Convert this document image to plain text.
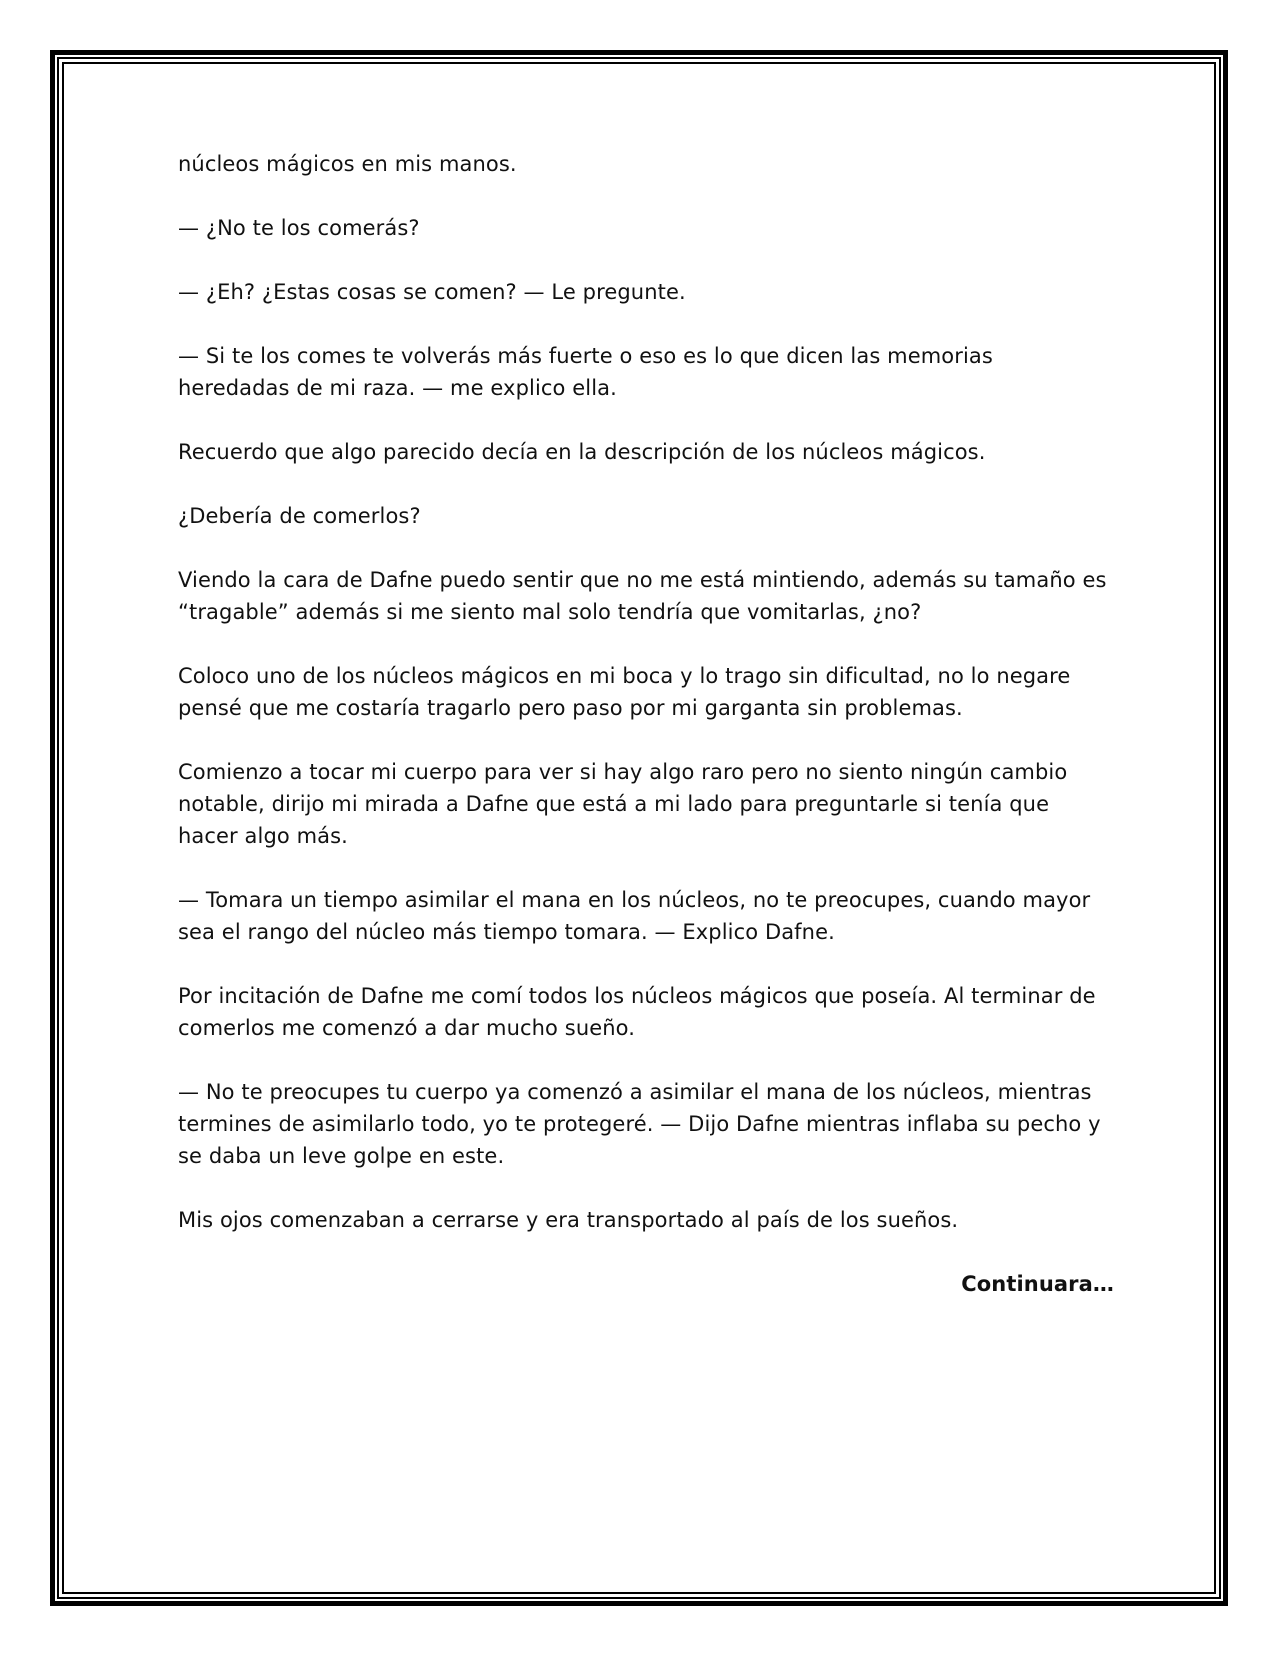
núcleos mágicos en mis manos.

— ¿No te los comerás?

— ¿Eh? ¿Estas cosas se comen? — Le pregunte.

— Si te los comes te volverás más fuerte o eso es lo que dicen las memorias heredadas de mi raza. — me explico ella.

Recuerdo que algo parecido decía en la descripción de los núcleos mágicos.

¿Debería de comerlos?

Viendo la cara de Dafne puedo sentir que no me está mintiendo, además su tamaño es “tragable” además si me siento mal solo tendría que vomitarlas, ¿no?

Coloco uno de los núcleos mágicos en mi boca y lo trago sin dificultad, no lo negare pensé que me costaría tragarlo pero paso por mi garganta sin problemas.

Comienzo a tocar mi cuerpo para ver si hay algo raro pero no siento ningún cambio notable, dirijo mi mirada a Dafne que está a mi lado para preguntarle si tenía que hacer algo más.

— Tomara un tiempo asimilar el mana en los núcleos, no te preocupes, cuando mayor sea el rango del núcleo más tiempo tomara. — Explico Dafne.

Por incitación de Dafne me comí todos los núcleos mágicos que poseía. Al terminar de comerlos me comenzó a dar mucho sueño.

— No te preocupes tu cuerpo ya comenzó a asimilar el mana de los núcleos, mientras termines de asimilarlo todo, yo te protegeré. — Dijo Dafne mientras inflaba su pecho y se daba un leve golpe en este.

Mis ojos comenzaban a cerrarse y era transportado al país de los sueños.

Continuara…
